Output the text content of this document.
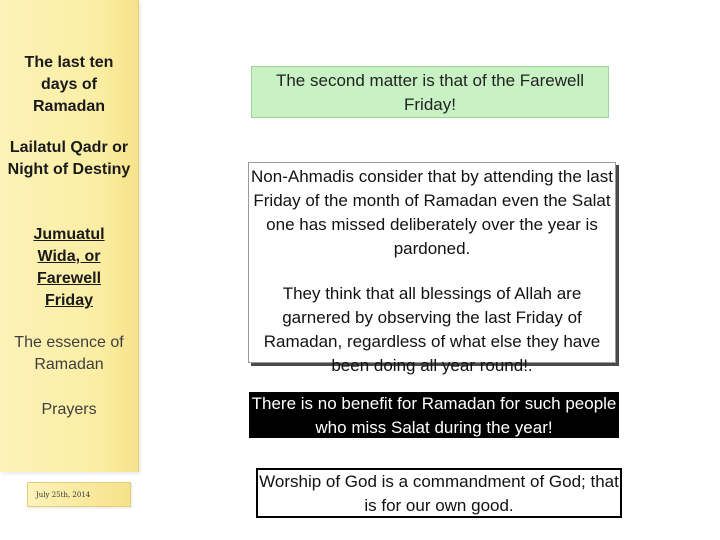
The last ten days of Ramadan
Lailatul Qadr or Night of Destiny
Jumuatul Wida, or Farewell Friday
The essence of Ramadan
Prayers
July 25th, 2014
The second matter is that of the Farewell Friday!
Non-Ahmadis consider that by attending the last Friday of the month of Ramadan even the Salat one has missed deliberately over the year is pardoned.
They think that all blessings of Allah are garnered by observing the last Friday of Ramadan, regardless of what else they have been doing all year round!.
There is no benefit for Ramadan for such people who miss Salat during the year!
Worship of God is a commandment of God; that is for our own good.
